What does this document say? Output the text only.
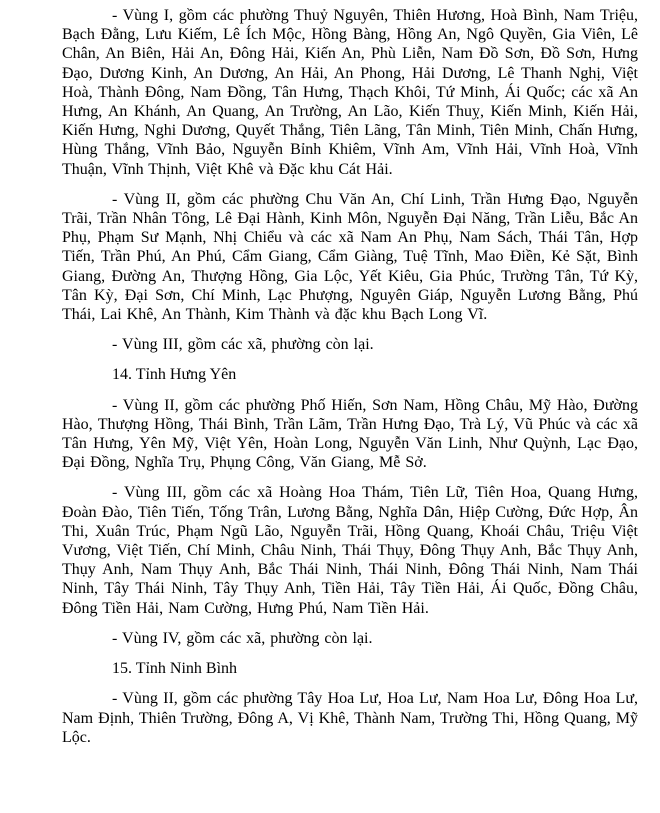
- Vùng I, gồm các phường Thuỷ Nguyên, Thiên Hương, Hoà Bình, Nam Triệu, Bạch Đằng, Lưu Kiếm, Lê Ích Mộc, Hồng Bàng, Hồng An, Ngô Quyền, Gia Viên, Lê Chân, An Biên, Hải An, Đông Hải, Kiến An, Phù Liễn, Nam Đồ Sơn, Đồ Sơn, Hưng Đạo, Dương Kinh, An Dương, An Hải, An Phong, Hải Dương, Lê Thanh Nghị, Việt Hoà, Thành Đông, Nam Đồng, Tân Hưng, Thạch Khôi, Tứ Minh, Ái Quốc; các xã An Hưng, An Khánh, An Quang, An Trường, An Lão, Kiến Thuỵ, Kiến Minh, Kiến Hải, Kiến Hưng, Nghi Dương, Quyết Thắng, Tiên Lãng, Tân Minh, Tiên Minh, Chấn Hưng, Hùng Thắng, Vĩnh Bảo, Nguyễn Bỉnh Khiêm, Vĩnh Am, Vĩnh Hải, Vĩnh Hoà, Vĩnh Thuận, Vĩnh Thịnh, Việt Khê và Đặc khu Cát Hải.

- Vùng II, gồm các phường Chu Văn An, Chí Linh, Trần Hưng Đạo, Nguyễn Trãi, Trần Nhân Tông, Lê Đại Hành, Kinh Môn, Nguyễn Đại Năng, Trần Liễu, Bắc An Phụ, Phạm Sư Mạnh, Nhị Chiểu và các xã Nam An Phụ, Nam Sách, Thái Tân, Hợp Tiến, Trần Phú, An Phú, Cẩm Giang, Cẩm Giàng, Tuệ Tĩnh, Mao Điền, Kẻ Sặt, Bình Giang, Đường An, Thượng Hồng, Gia Lộc, Yết Kiêu, Gia Phúc, Trường Tân, Tứ Kỳ, Tân Kỳ, Đại Sơn, Chí Minh, Lạc Phượng, Nguyên Giáp, Nguyễn Lương Bằng, Phú Thái, Lai Khê, An Thành, Kim Thành và đặc khu Bạch Long Vĩ.

- Vùng III, gồm các xã, phường còn lại.

14. Tỉnh Hưng Yên

- Vùng II, gồm các phường Phố Hiến, Sơn Nam, Hồng Châu, Mỹ Hào, Đường Hào, Thượng Hồng, Thái Bình, Trần Lãm, Trần Hưng Đạo, Trà Lý, Vũ Phúc và các xã Tân Hưng, Yên Mỹ, Việt Yên, Hoàn Long, Nguyễn Văn Linh, Như Quỳnh, Lạc Đạo, Đại Đồng, Nghĩa Trụ, Phụng Công, Văn Giang, Mễ Sở.

- Vùng III, gồm các xã Hoàng Hoa Thám, Tiên Lữ, Tiên Hoa, Quang Hưng, Đoàn Đào, Tiên Tiến, Tống Trân, Lương Bằng, Nghĩa Dân, Hiệp Cường, Đức Hợp, Ân Thi, Xuân Trúc, Phạm Ngũ Lão, Nguyễn Trãi, Hồng Quang, Khoái Châu, Triệu Việt Vương, Việt Tiến, Chí Minh, Châu Ninh, Thái Thụy, Đông Thụy Anh, Bắc Thụy Anh, Thụy Anh, Nam Thụy Anh, Bắc Thái Ninh, Thái Ninh, Đông Thái Ninh, Nam Thái Ninh, Tây Thái Ninh, Tây Thụy Anh, Tiền Hải, Tây Tiền Hải, Ái Quốc, Đồng Châu, Đông Tiền Hải, Nam Cường, Hưng Phú, Nam Tiền Hải.

- Vùng IV, gồm các xã, phường còn lại.

15. Tỉnh Ninh Bình

- Vùng II, gồm các phường Tây Hoa Lư, Hoa Lư, Nam Hoa Lư, Đông Hoa Lư, Nam Định, Thiên Trường, Đông A, Vị Khê, Thành Nam, Trường Thi, Hồng Quang, Mỹ Lộc.
